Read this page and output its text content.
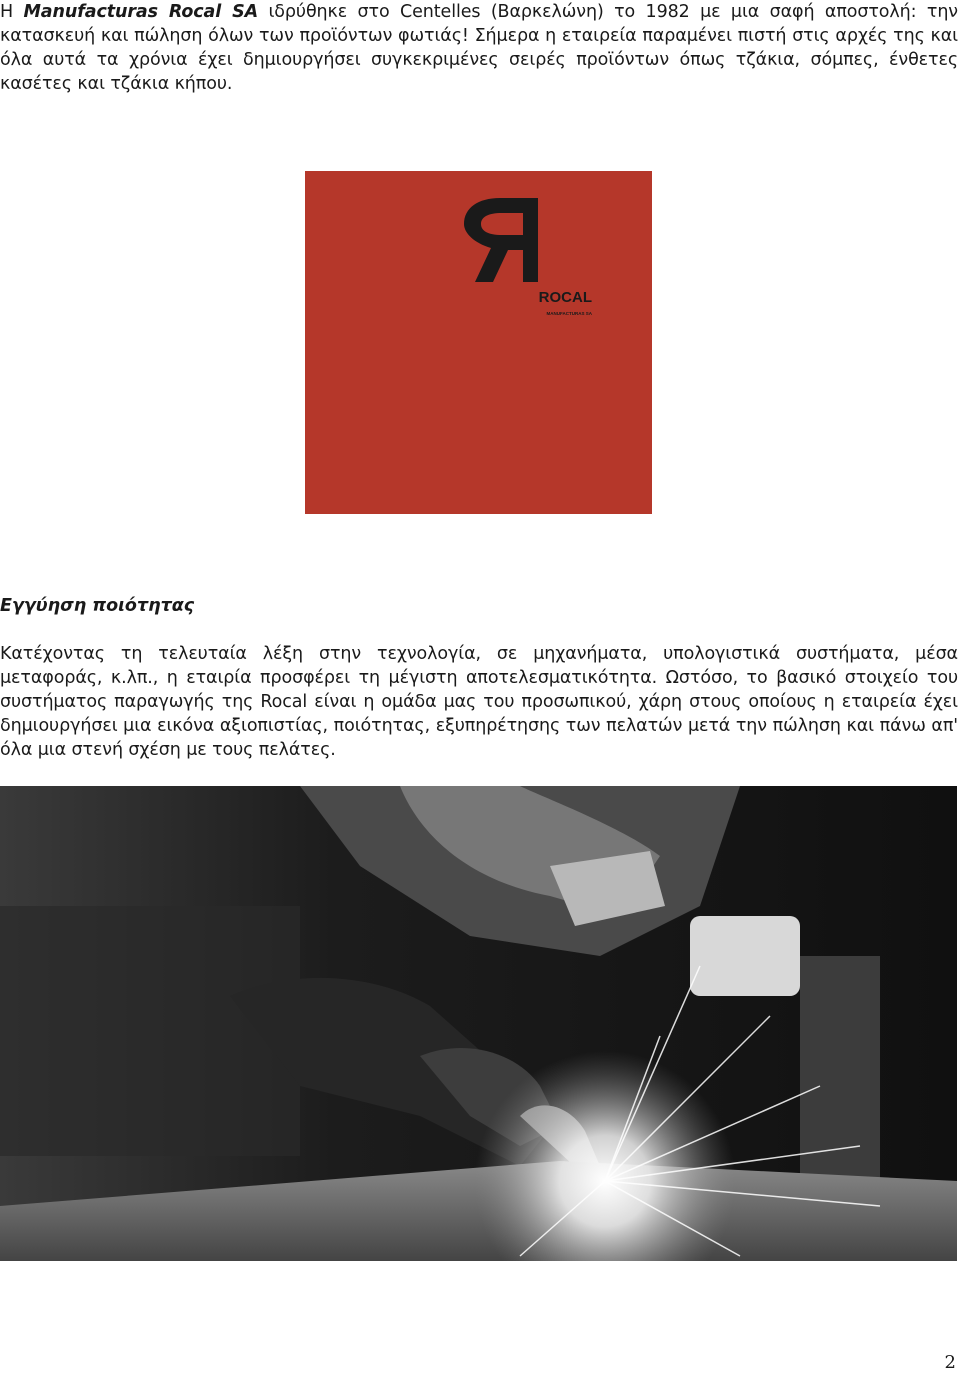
Η Manufacturas Rocal SA ιδρύθηκε στο Centelles (Βαρκελώνη) το 1982 με μια σαφή αποστολή: την κατασκευή και πώληση όλων των προϊόντων φωτιάς! Σήμερα η εταιρεία παραμένει πιστή στις αρχές της και όλα αυτά τα χρόνια έχει δημιουργήσει συγκεκριμένες σειρές προϊόντων όπως τζάκια, σόμπες, ένθετες κασέτες και τζάκια κήπου.

ROCAL
MANUFACTURAS SA

Εγγύηση ποιότητας

Κατέχοντας τη τελευταία λέξη στην τεχνολογία, σε μηχανήματα, υπολογιστικά συστήματα, μέσα μεταφοράς, κ.λπ., η εταιρία προσφέρει τη μέγιστη αποτελεσματικότητα. Ωστόσο, το βασικό στοιχείο του συστήματος παραγωγής της Rocal είναι η ομάδα μας του προσωπικού, χάρη στους οποίους η εταιρεία έχει δημιουργήσει μια εικόνα αξιοπιστίας, ποιότητας, εξυπηρέτησης των πελατών μετά την πώληση και πάνω απ' όλα μια στενή σχέση με τους πελάτες.

2
